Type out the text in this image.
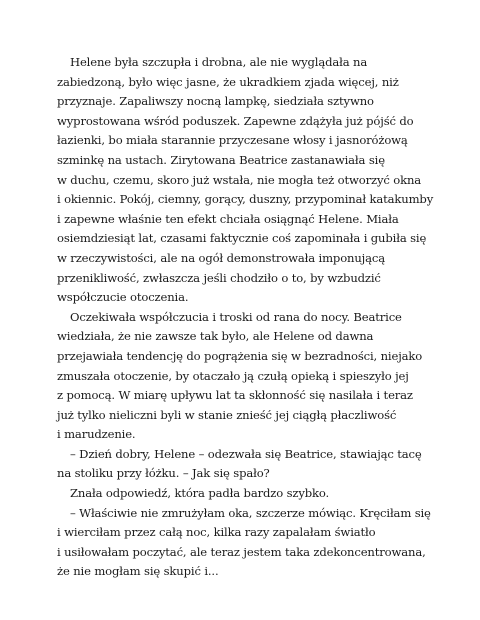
Helene była szczupła i drobna, ale nie wyglądała na
zabiedzoną, było więc jasne, że ukradkiem zjada więcej, niż
przyznaje. Zapaliwszy nocną lampkę, siedziała sztywno
wyprostowana wśród poduszek. Zapewne zdążyła już pójść do
łazienki, bo miała starannie przyczesane włosy i jasnoróżową
szminkę na ustach. Zirytowana Beatrice zastanawiała się
w duchu, czemu, skoro już wstała, nie mogła też otworzyć okna
i okiennic. Pokój, ciemny, gorący, duszny, przypominał katakumby
i zapewne właśnie ten efekt chciała osiągnąć Helene. Miała
osiemdziesiąt lat, czasami faktycznie coś zapominała i gubiła się
w rzeczywistości, ale na ogół demonstrowała imponującą
przenikliwość, zwłaszcza jeśli chodziło o to, by wzbudzić
współczucie otoczenia.
Oczekiwała współczucia i troski od rana do nocy. Beatrice
wiedziała, że nie zawsze tak było, ale Helene od dawna
przejawiała tendencję do pogrążenia się w bezradności, niejako
zmuszała otoczenie, by otaczało ją czułą opieką i spieszyło jej
z pomocą. W miarę upływu lat ta skłonność się nasilała i teraz
już tylko nieliczni byli w stanie znieść jej ciągłą płaczliwość
i marudzenie.
– Dzień dobry, Helene – odezwała się Beatrice, stawiając tacę
na stoliku przy łóżku. – Jak się spało?
Znała odpowiedź, która padła bardzo szybko.
– Właściwie nie zmrużyłam oka, szczerze mówiąc. Kręciłam się
i wierciłam przez całą noc, kilka razy zapalałam światło
i usiłowałam poczytać, ale teraz jestem taka zdekoncentrowana,
że nie mogłam się skupić i...
